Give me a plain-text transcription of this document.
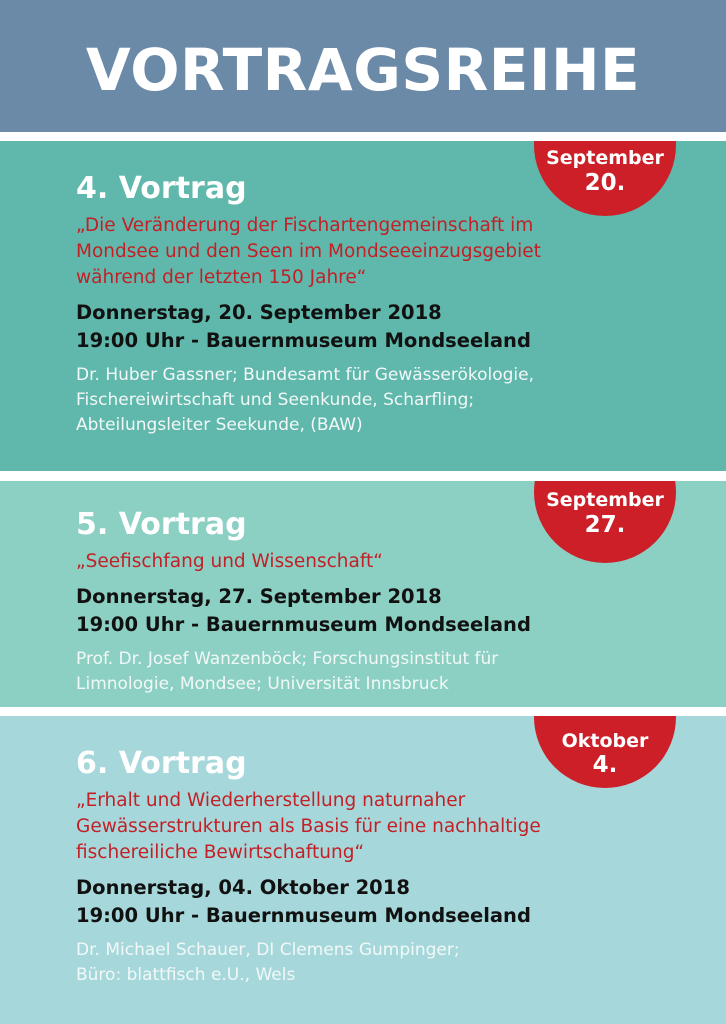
VORTRAGSREIHE
September
20.
4. Vortrag

„Die Veränderung der Fischartengemeinschaft im
Mondsee und den Seen im Mondseeeinzugsgebiet
während der letzten 150 Jahre“

Donnerstag, 20. September 2018

19:00 Uhr - Bauernmuseum Mondseeland

Dr. Huber Gassner; Bundesamt für Gewässerökologie,
Fischereiwirtschaft und Seenkunde, Scharfling;
Abteilungsleiter Seekunde, (BAW)

September
27.
5. Vortrag

„Seefischfang und Wissenschaft“

Donnerstag, 27. September 2018

19:00 Uhr - Bauernmuseum Mondseeland

Prof. Dr. Josef Wanzenböck; Forschungsinstitut für
Limnologie, Mondsee; Universität Innsbruck

Oktober
4.
6. Vortrag

„Erhalt und Wiederherstellung naturnaher
Gewässerstrukturen als Basis für eine nachhaltige
fischereiliche Bewirtschaftung“

Donnerstag, 04. Oktober 2018

19:00 Uhr - Bauernmuseum Mondseeland

Dr. Michael Schauer, DI Clemens Gumpinger;
Büro: blattfisch e.U., Wels
